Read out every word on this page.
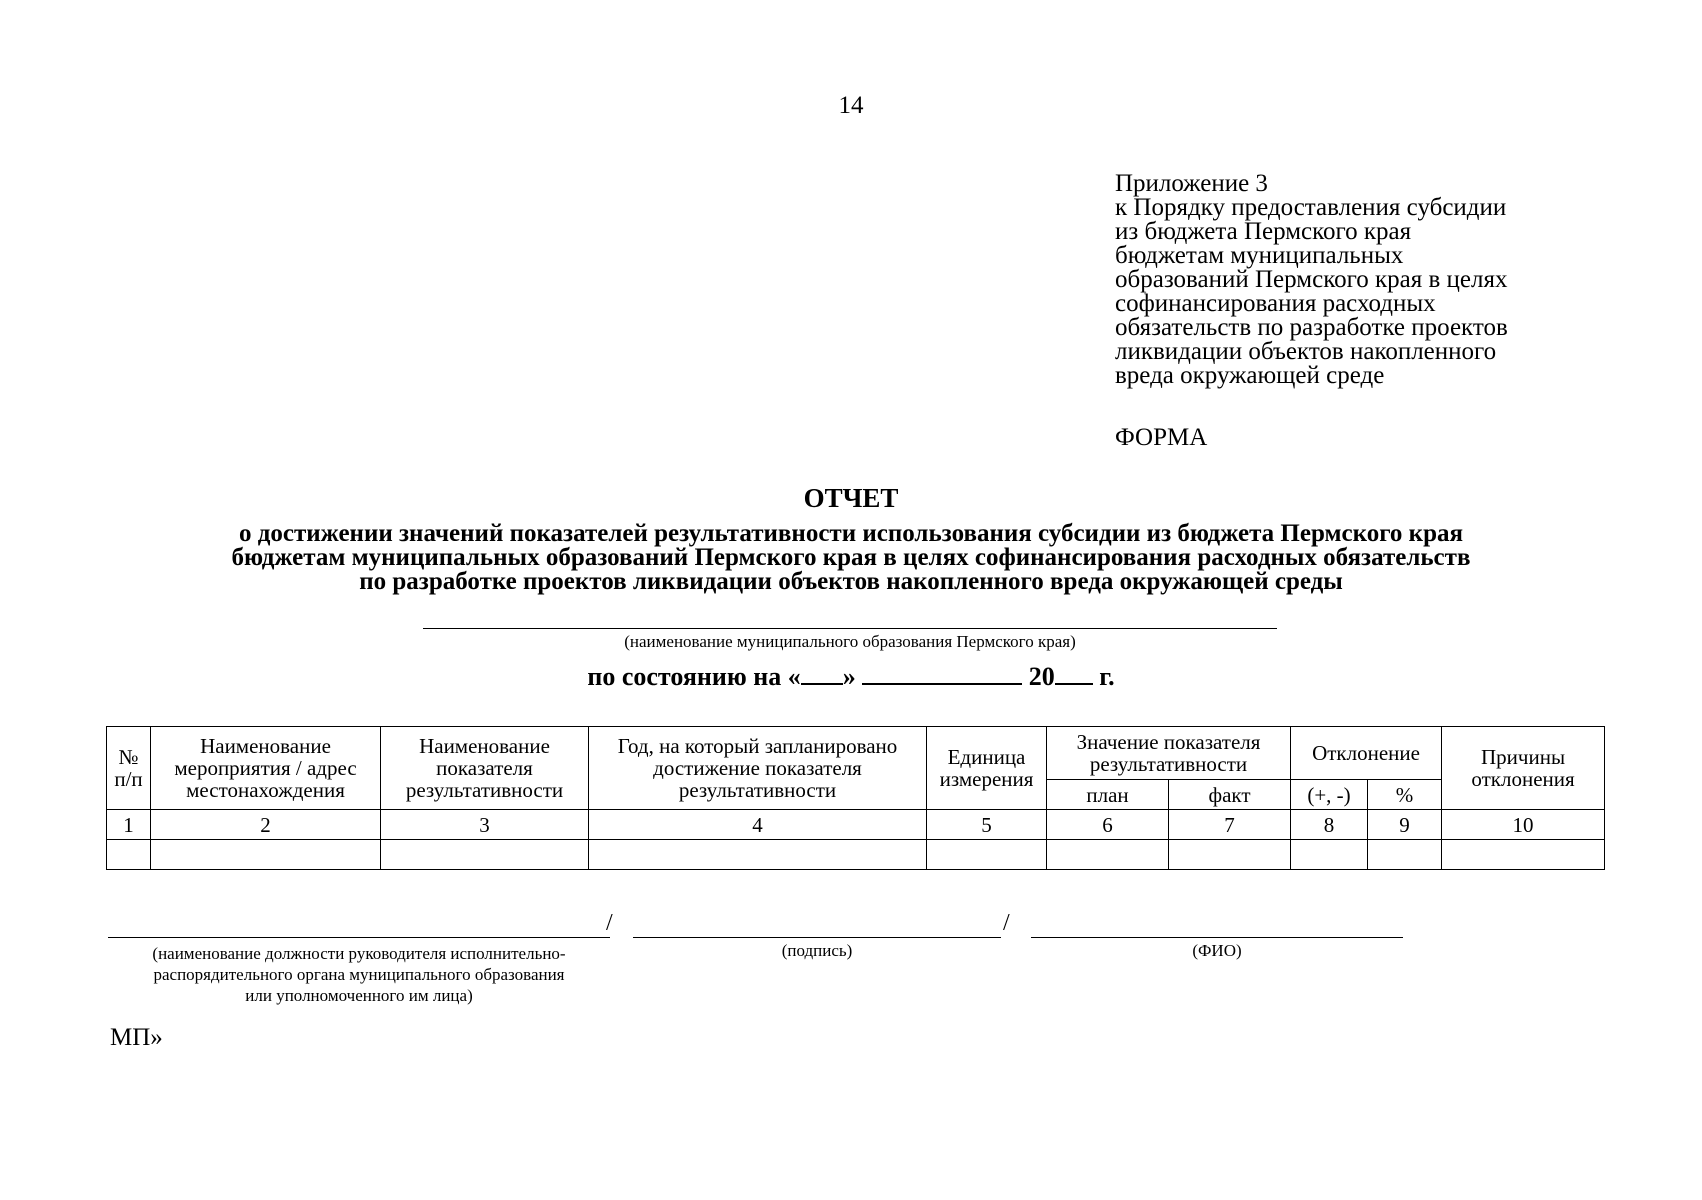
14
Приложение 3
к Порядку предоставления субсидии
из бюджета Пермского края
бюджетам муниципальных
образований Пермского края в целях
софинансирования расходных
обязательств по разработке проектов
ликвидации объектов накопленного
вреда окружающей среде
ФОРМА
ОТЧЕТ
о достижении значений показателей результативности использования субсидии из бюджета Пермского края
бюджетам муниципальных образований Пермского края в целях софинансирования расходных обязательств
по разработке проектов ликвидации объектов накопленного вреда окружающей среды
(наименование муниципального образования Пермского края)
по состоянию на « »	20 г.
№ п/п	Наименование мероприятия / адрес местонахождения	Наименование показателя результативности	Год, на который запланировано достижение показателя результативности	Единица измерения	Значение показателя результативности		Отклонение		Причины отклонения
					план	факт	(+, -)	%	
1	2	3	4	5	6	7	8	9	10

/	/
(наименование должности руководителя исполнительно-
распорядительного органа муниципального образования
или уполномоченного им лица)
(подпись)	(ФИО)
МП»
